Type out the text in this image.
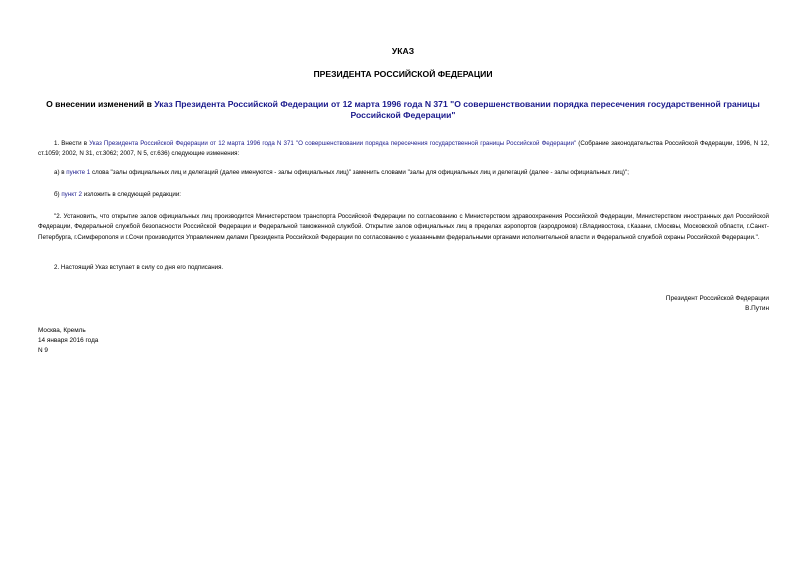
УКАЗ
ПРЕЗИДЕНТА РОССИЙСКОЙ ФЕДЕРАЦИИ
О внесении изменений в Указ Президента Российской Федерации от 12 марта 1996 года N 371 "О совершенствовании порядка пересечения государственной границы Российской Федерации"
1. Внести в Указ Президента Российской Федерации от 12 марта 1996 года N 371 "О совершенствовании порядка пересечения государственной границы Российской Федерации" (Собрание законодательства Российской Федерации, 1996, N 12, ст.1059; 2002, N 31, ст.3062; 2007, N 5, ст.636) следующие изменения:
а) в пункте 1 слова "залы официальных лиц и делегаций (далее именуются - залы официальных лиц)" заменить словами "залы для официальных лиц и делегаций (далее - залы официальных лиц)";
б) пункт 2 изложить в следующей редакции:
"2. Установить, что открытие залов официальных лиц производится Министерством транспорта Российской Федерации по согласованию с Министерством здравоохранения Российской Федерации, Министерством иностранных дел Российской Федерации, Федеральной службой безопасности Российской Федерации и Федеральной таможенной службой. Открытие залов официальных лиц в пределах аэропортов (аэродромов) г.Владивостока, г.Казани, г.Москвы, Московской области, г.Санкт-Петербурга, г.Симферополя и г.Сочи производится Управлением делами Президента Российской Федерации по согласованию с указанными федеральными органами исполнительной власти и Федеральной службой охраны Российской Федерации.".
2. Настоящий Указ вступает в силу со дня его подписания.
Президент Российской Федерации
В.Путин
Москва, Кремль
14 января 2016 года
N 9
